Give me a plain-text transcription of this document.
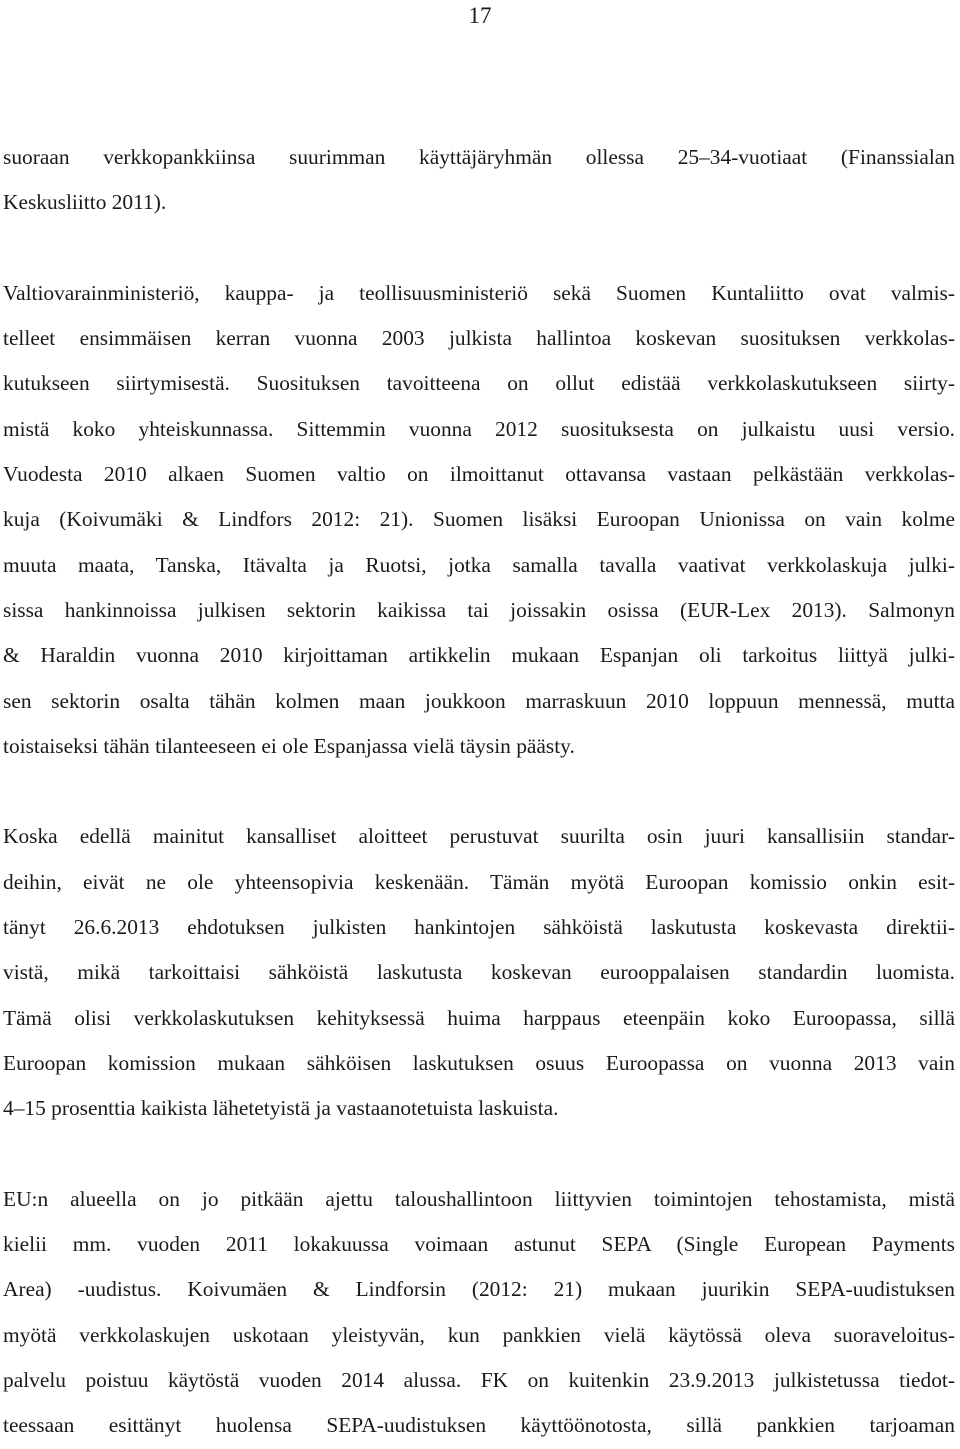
17
suoraan verkkopankkiinsa suurimman käyttäjäryhmän ollessa 25–34-vuotiaat (Finanssialan
Keskusliitto 2011).
Valtiovarainministeriö, kauppa- ja teollisuusministeriö sekä Suomen Kuntaliitto ovat valmis-
telleet ensimmäisen kerran vuonna 2003 julkista hallintoa koskevan suosituksen verkkolas-
kutukseen siirtymisestä. Suosituksen tavoitteena on ollut edistää verkkolaskutukseen siirty-
mistä koko yhteiskunnassa. Sittemmin vuonna 2012 suosituksesta on julkaistu uusi versio.
Vuodesta 2010 alkaen Suomen valtio on ilmoittanut ottavansa vastaan pelkästään verkkolas-
kuja (Koivumäki & Lindfors 2012: 21). Suomen lisäksi Euroopan Unionissa on vain kolme
muuta maata, Tanska, Itävalta ja Ruotsi, jotka samalla tavalla vaativat verkkolaskuja julki-
sissa hankinnoissa julkisen sektorin kaikissa tai joissakin osissa (EUR-Lex 2013). Salmonyn
& Haraldin vuonna 2010 kirjoittaman artikkelin mukaan Espanjan oli tarkoitus liittyä julki-
sen sektorin osalta tähän kolmen maan joukkoon marraskuun 2010 loppuun mennessä, mutta
toistaiseksi tähän tilanteeseen ei ole Espanjassa vielä täysin päästy.
Koska edellä mainitut kansalliset aloitteet perustuvat suurilta osin juuri kansallisiin standar-
deihin, eivät ne ole yhteensopivia keskenään. Tämän myötä Euroopan komissio onkin esit-
tänyt 26.6.2013 ehdotuksen julkisten hankintojen sähköistä laskutusta koskevasta direktii-
vistä, mikä tarkoittaisi sähköistä laskutusta koskevan eurooppalaisen standardin luomista.
Tämä olisi verkkolaskutuksen kehityksessä huima harppaus eteenpäin koko Euroopassa, sillä
Euroopan komission mukaan sähköisen laskutuksen osuus Euroopassa on vuonna 2013 vain
4–15 prosenttia kaikista lähetetyistä ja vastaanotetuista laskuista.
EU:n alueella on jo pitkään ajettu taloushallintoon liittyvien toimintojen tehostamista, mistä
kielii mm. vuoden 2011 lokakuussa voimaan astunut SEPA (Single European Payments
Area) -uudistus. Koivumäen & Lindforsin (2012: 21) mukaan juurikin SEPA-uudistuksen
myötä verkkolaskujen uskotaan yleistyvän, kun pankkien vielä käytössä oleva suoraveloitus-
palvelu poistuu käytöstä vuoden 2014 alussa. FK on kuitenkin 23.9.2013 julkistetussa tiedot-
teessaan esittänyt huolensa SEPA-uudistuksen käyttöönotosta, sillä pankkien tarjoaman
